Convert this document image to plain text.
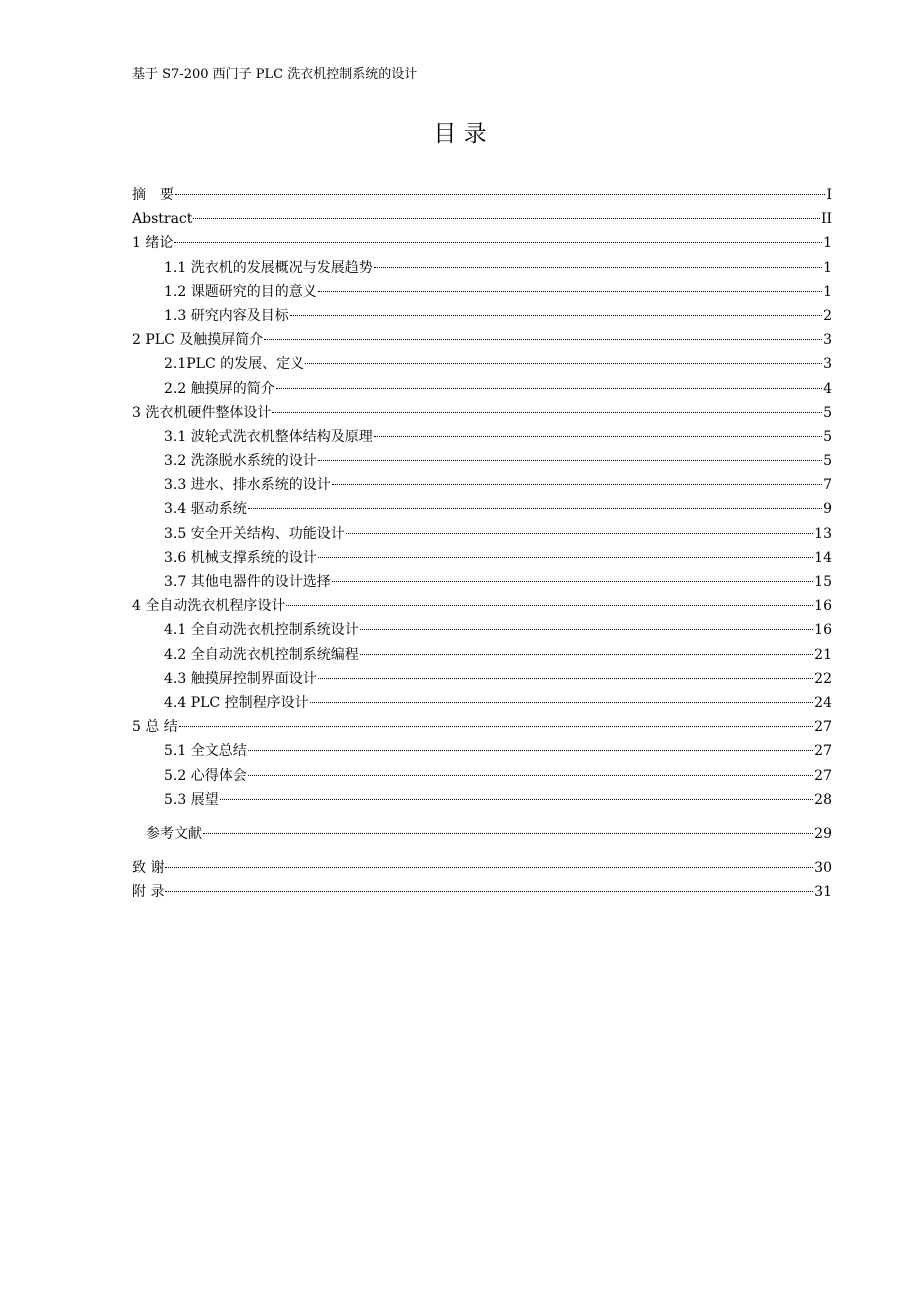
基于 S7-200 西门子 PLC 洗衣机控制系统的设计
目 录
摘　要	I
Abstract	II
1 绪论	1
1.1 洗衣机的发展概况与发展趋势	1
1.2 课题研究的目的意义	1
1.3 研究内容及目标	2
2 PLC 及触摸屏简介	3
2.1PLC 的发展、定义	3
2.2 触摸屏的简介	4
3 洗衣机硬件整体设计	5
3.1 波轮式洗衣机整体结构及原理	5
3.2 洗涤脱水系统的设计	5
3.3 进水、排水系统的设计	7
3.4 驱动系统	9
3.5 安全开关结构、功能设计	13
3.6 机械支撑系统的设计	14
3.7 其他电器件的设计选择	15
4 全自动洗衣机程序设计	16
4.1 全自动洗衣机控制系统设计	16
4.2 全自动洗衣机控制系统编程	21
4.3 触摸屏控制界面设计	22
4.4 PLC 控制程序设计	24
5 总 结	27
5.1 全文总结	27
5.2 心得体会	27
5.3 展望	28
参考文献	29
致 谢	30
附 录	31
